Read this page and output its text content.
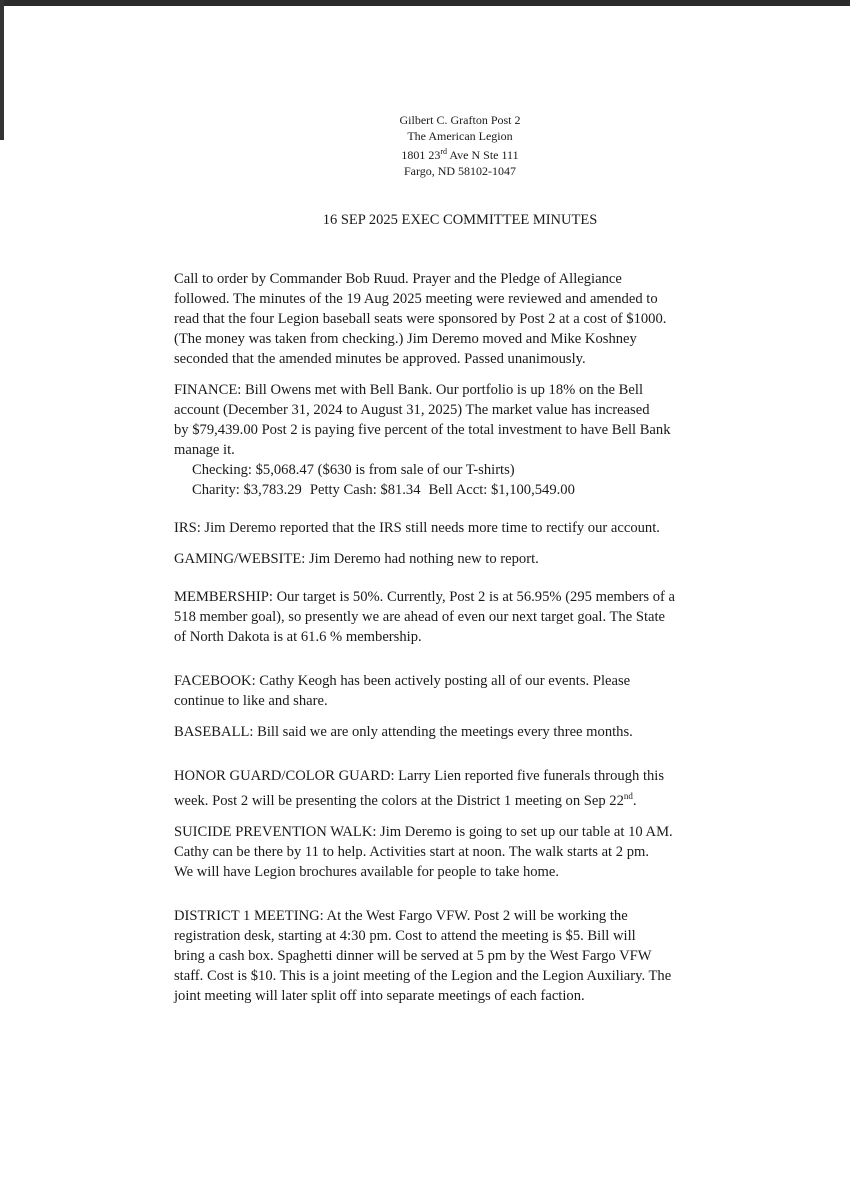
Gilbert C. Grafton Post 2
The American Legion
1801 23rd Ave N Ste 111
Fargo, ND 58102-1047
16 SEP 2025 EXEC COMMITTEE MINUTES

Call to order by Commander Bob Ruud. Prayer and the Pledge of Allegiance

followed. The minutes of the 19 Aug 2025 meeting were reviewed and amended to

read that the four Legion baseball seats were sponsored by Post 2 at a cost of $1000.

(The money was taken from checking.) Jim Deremo moved and Mike Koshney

seconded that the amended minutes be approved. Passed unanimously.

FINANCE: Bill Owens met with Bell Bank. Our portfolio is up 18% on the Bell

account (December 31, 2024 to August 31, 2025) The market value has increased

by $79,439.00 Post 2 is paying five percent of the total investment to have Bell Bank

manage it.

Checking: $5,068.47 ($630 is from sale of our T-shirts)

Charity: $3,783.29 Petty Cash: $81.34 Bell Acct: $1,100,549.00

IRS: Jim Deremo reported that the IRS still needs more time to rectify our account.

GAMING/WEBSITE: Jim Deremo had nothing new to report.

MEMBERSHIP: Our target is 50%. Currently, Post 2 is at 56.95% (295 members of a

518 member goal), so presently we are ahead of even our next target goal. The State

of North Dakota is at 61.6 % membership.

FACEBOOK: Cathy Keogh has been actively posting all of our events. Please

continue to like and share.

BASEBALL: Bill said we are only attending the meetings every three months.

HONOR GUARD/COLOR GUARD: Larry Lien reported five funerals through this

week. Post 2 will be presenting the colors at the District 1 meeting on Sep 22nd.

SUICIDE PREVENTION WALK: Jim Deremo is going to set up our table at 10 AM.

Cathy can be there by 11 to help. Activities start at noon. The walk starts at 2 pm.

We will have Legion brochures available for people to take home.

DISTRICT 1 MEETING: At the West Fargo VFW. Post 2 will be working the

registration desk, starting at 4:30 pm. Cost to attend the meeting is $5. Bill will

bring a cash box. Spaghetti dinner will be served at 5 pm by the West Fargo VFW

staff. Cost is $10. This is a joint meeting of the Legion and the Legion Auxiliary. The

joint meeting will later split off into separate meetings of each faction.
